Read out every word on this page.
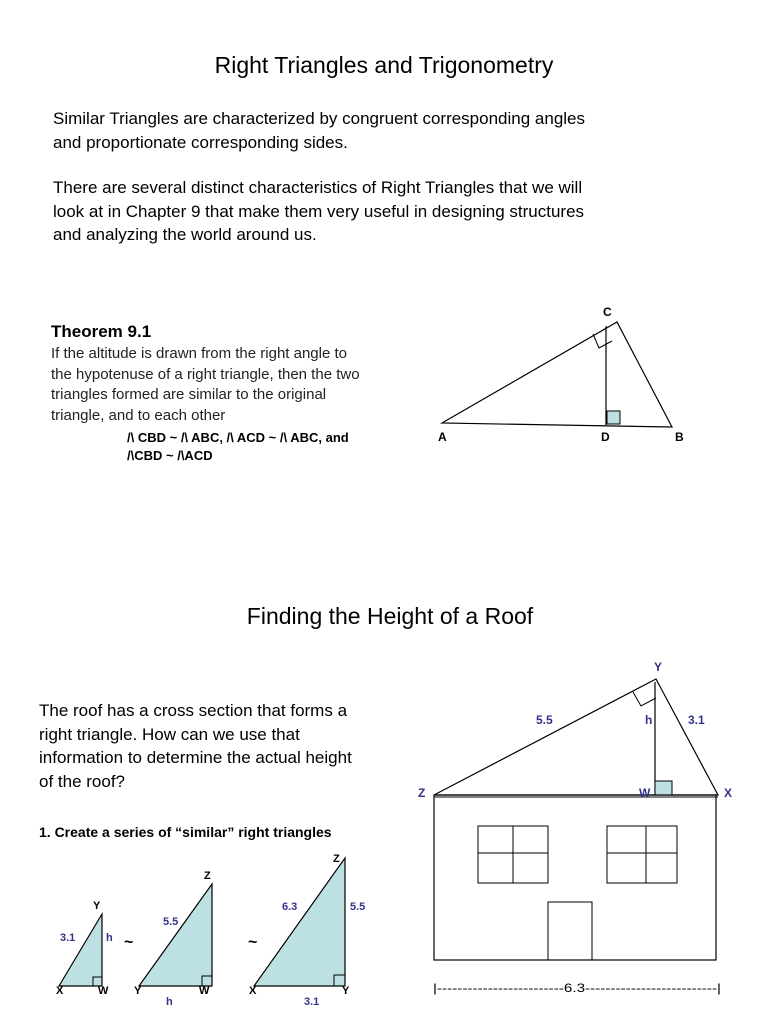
Right Triangles and Trigonometry
Similar Triangles are characterized by congruent corresponding angles
and proportionate corresponding sides.
There are several distinct characteristics of Right Triangles that we will
look at in Chapter 9 that make them very useful in designing structures
and analyzing the world around us.
Theorem 9.1
If the altitude is drawn from the right angle to
the hypotenuse of a right triangle, then the two
triangles formed are similar to the original
triangle, and to each other
/\ CBD ~ /\ ABC, /\ ACD ~ /\ ABC, and
/\CBD ~ /\ACD
C
A	D	B
Finding the Height of a Roof
The roof has a cross section that forms a
right triangle. How can we use that
information to determine the actual height
of the roof?
1. Create a series of “similar” right triangles
Y
Z	X
W
h
5.5	3.1
|-------------------------6.3--------------------------|
Y
X	W
3.1	h ~
Z
Y	W
5.5
h
~
Z
X	Y
6.3	5.5
3.1
